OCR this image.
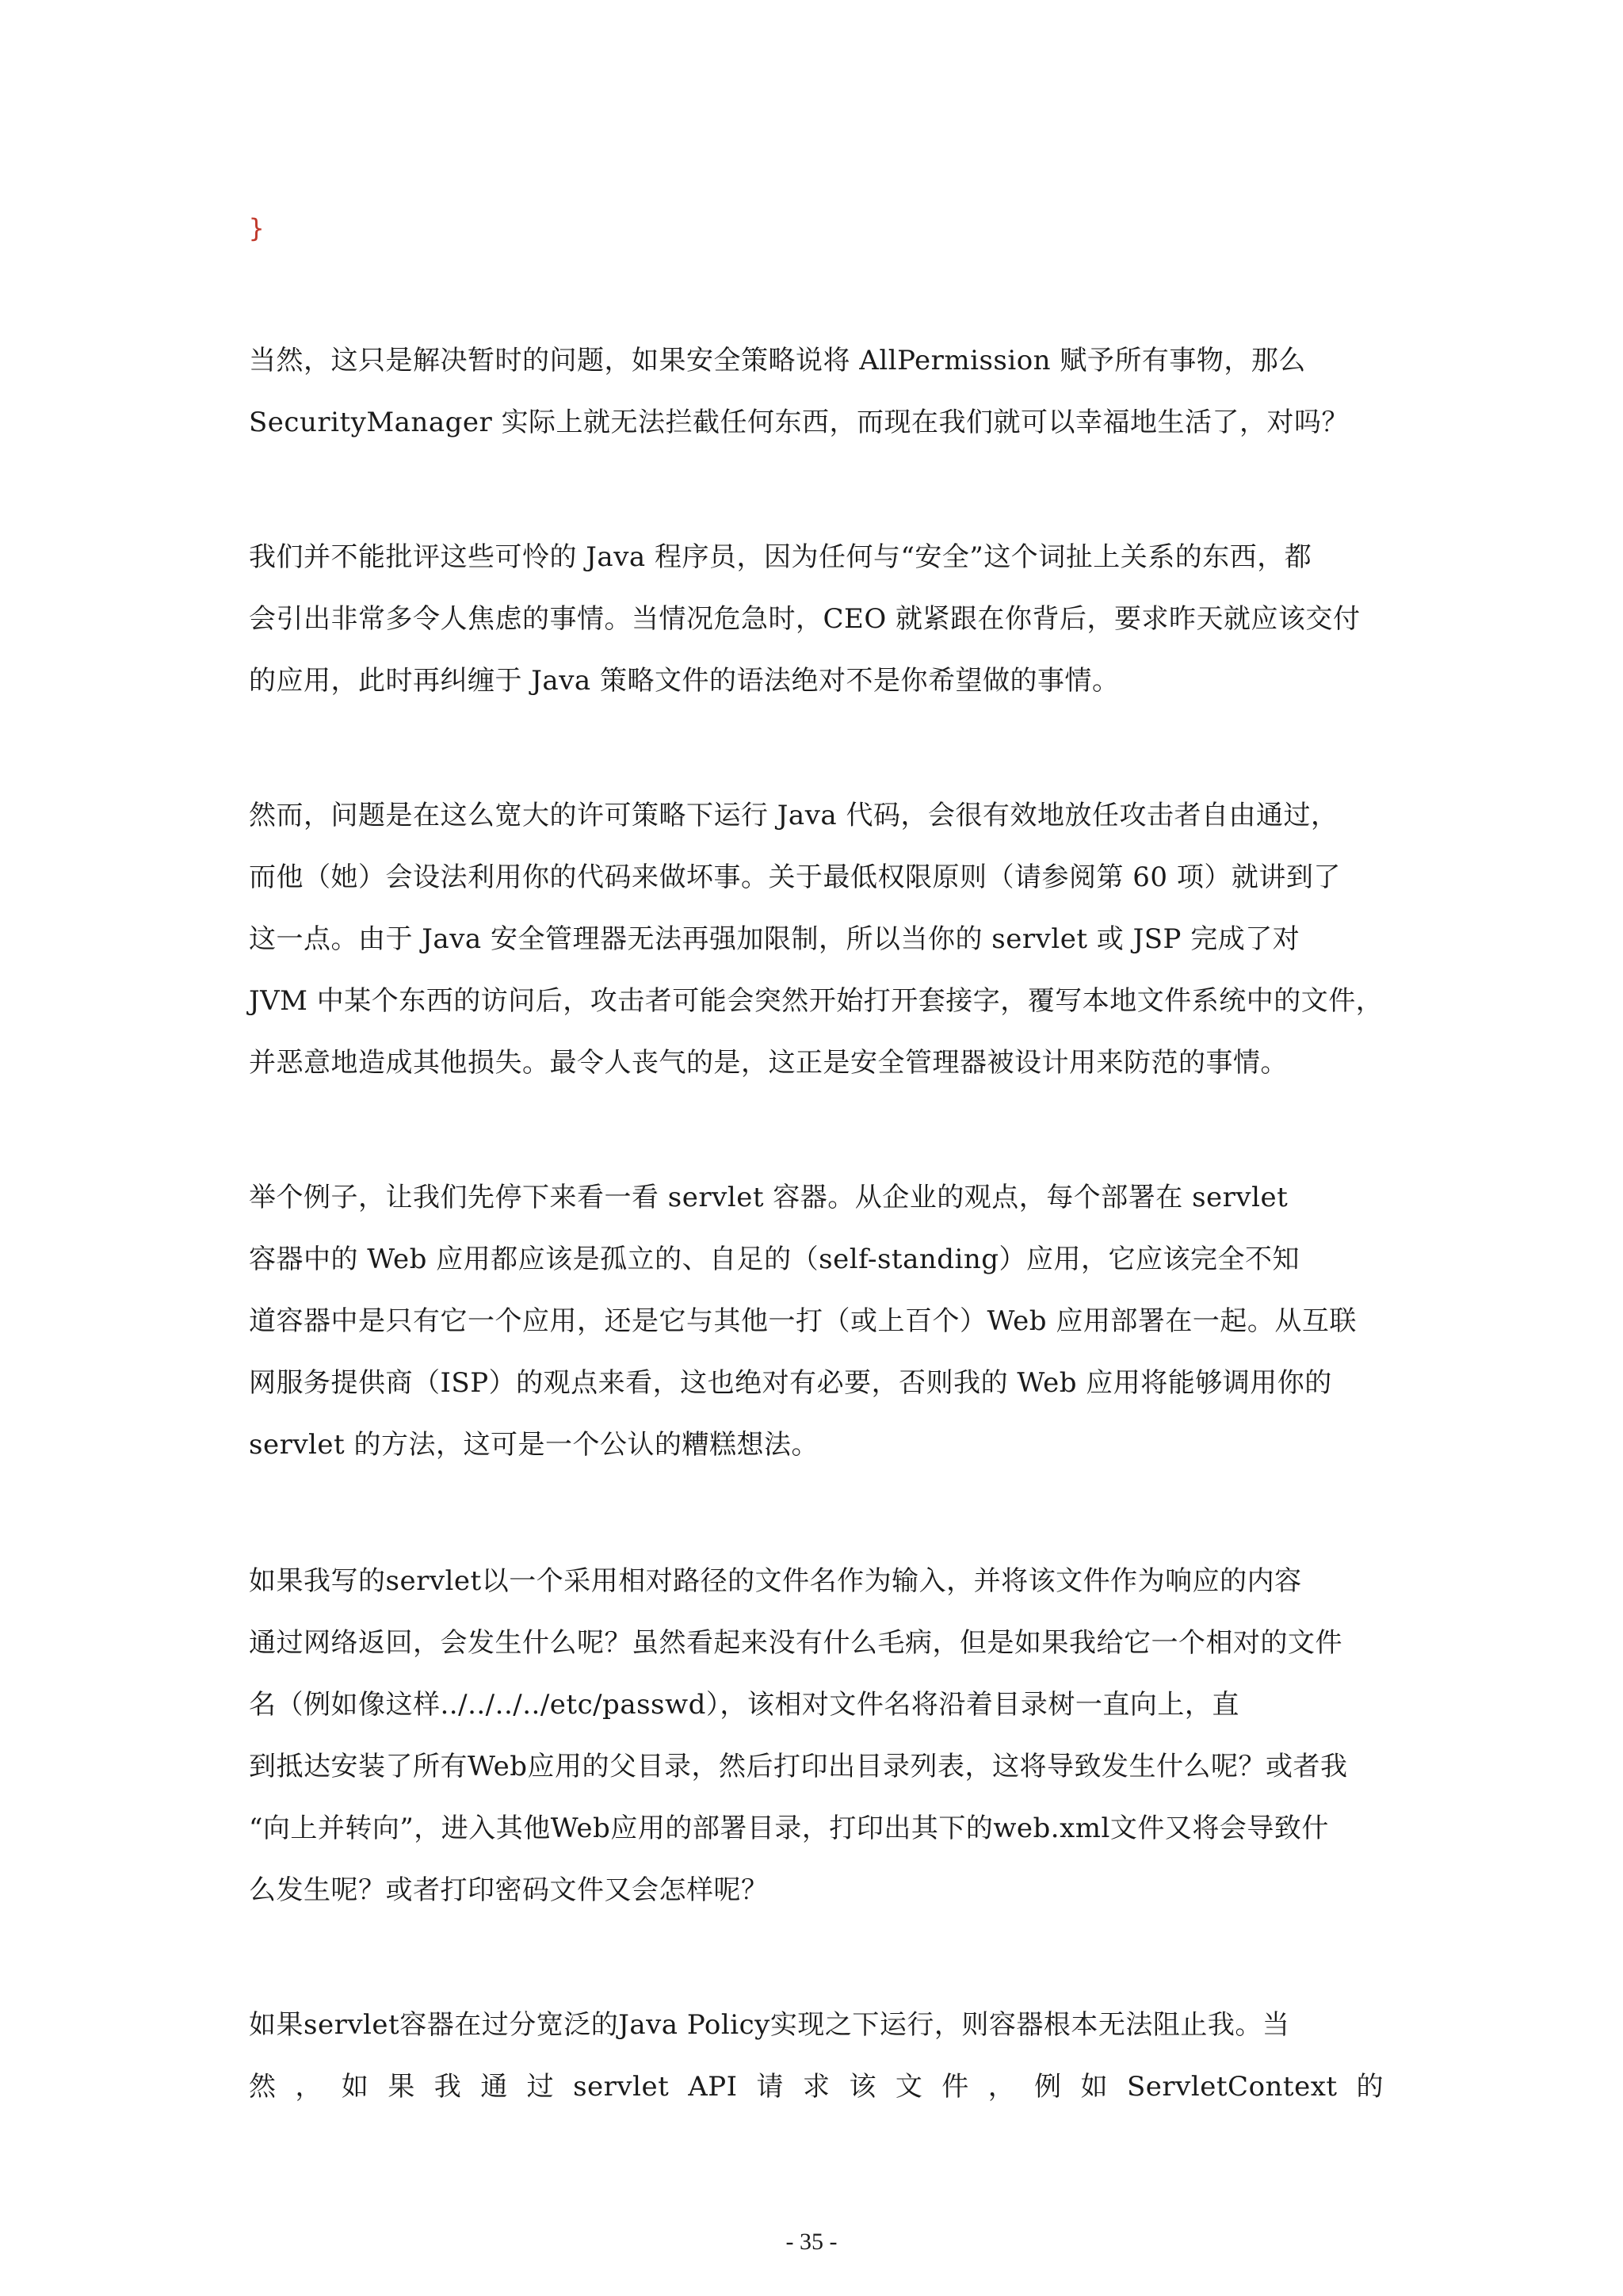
}
当然，这只是解决暂时的问题，如果安全策略说将 AllPermission 赋予所有事物，那么
SecurityManager 实际上就无法拦截任何东西，而现在我们就可以幸福地生活了，对吗？
我们并不能批评这些可怜的 Java 程序员，因为任何与“安全”这个词扯上关系的东西，都
会引出非常多令人焦虑的事情。当情况危急时，CEO 就紧跟在你背后，要求昨天就应该交付
的应用，此时再纠缠于 Java 策略文件的语法绝对不是你希望做的事情。
然而，问题是在这么宽大的许可策略下运行 Java 代码，会很有效地放任攻击者自由通过，
而他（她）会设法利用你的代码来做坏事。关于最低权限原则（请参阅第 60 项）就讲到了
这一点。由于 Java 安全管理器无法再强加限制，所以当你的 servlet 或 JSP 完成了对
JVM 中某个东西的访问后，攻击者可能会突然开始打开套接字，覆写本地文件系统中的文件，
并恶意地造成其他损失。最令人丧气的是，这正是安全管理器被设计用来防范的事情。
举个例子，让我们先停下来看一看 servlet 容器。从企业的观点，每个部署在 servlet
容器中的 Web 应用都应该是孤立的、自足的（self-standing）应用，它应该完全不知
道容器中是只有它一个应用，还是它与其他一打（或上百个）Web 应用部署在一起。从互联
网服务提供商（ISP）的观点来看，这也绝对有必要，否则我的 Web 应用将能够调用你的
servlet 的方法，这可是一个公认的糟糕想法。
如果我写的servlet以一个采用相对路径的文件名作为输入，并将该文件作为响应的内容
通过网络返回，会发生什么呢？虽然看起来没有什么毛病，但是如果我给它一个相对的文件
名（例如像这样../../../../etc/passwd），该相对文件名将沿着目录树一直向上，直
到抵达安装了所有Web应用的父目录，然后打印出目录列表，这将导致发生什么呢？或者我
“向上并转向”，进入其他Web应用的部署目录，打印出其下的web.xml文件又将会导致什
么发生呢？或者打印密码文件又会怎样呢？
如果servlet容器在过分宽泛的Java Policy实现之下运行，则容器根本无法阻止我。当
然 ， 如 果 我 通 过 servlet API 请 求 该 文 件 ， 例 如 ServletContext 的
- 35 -
